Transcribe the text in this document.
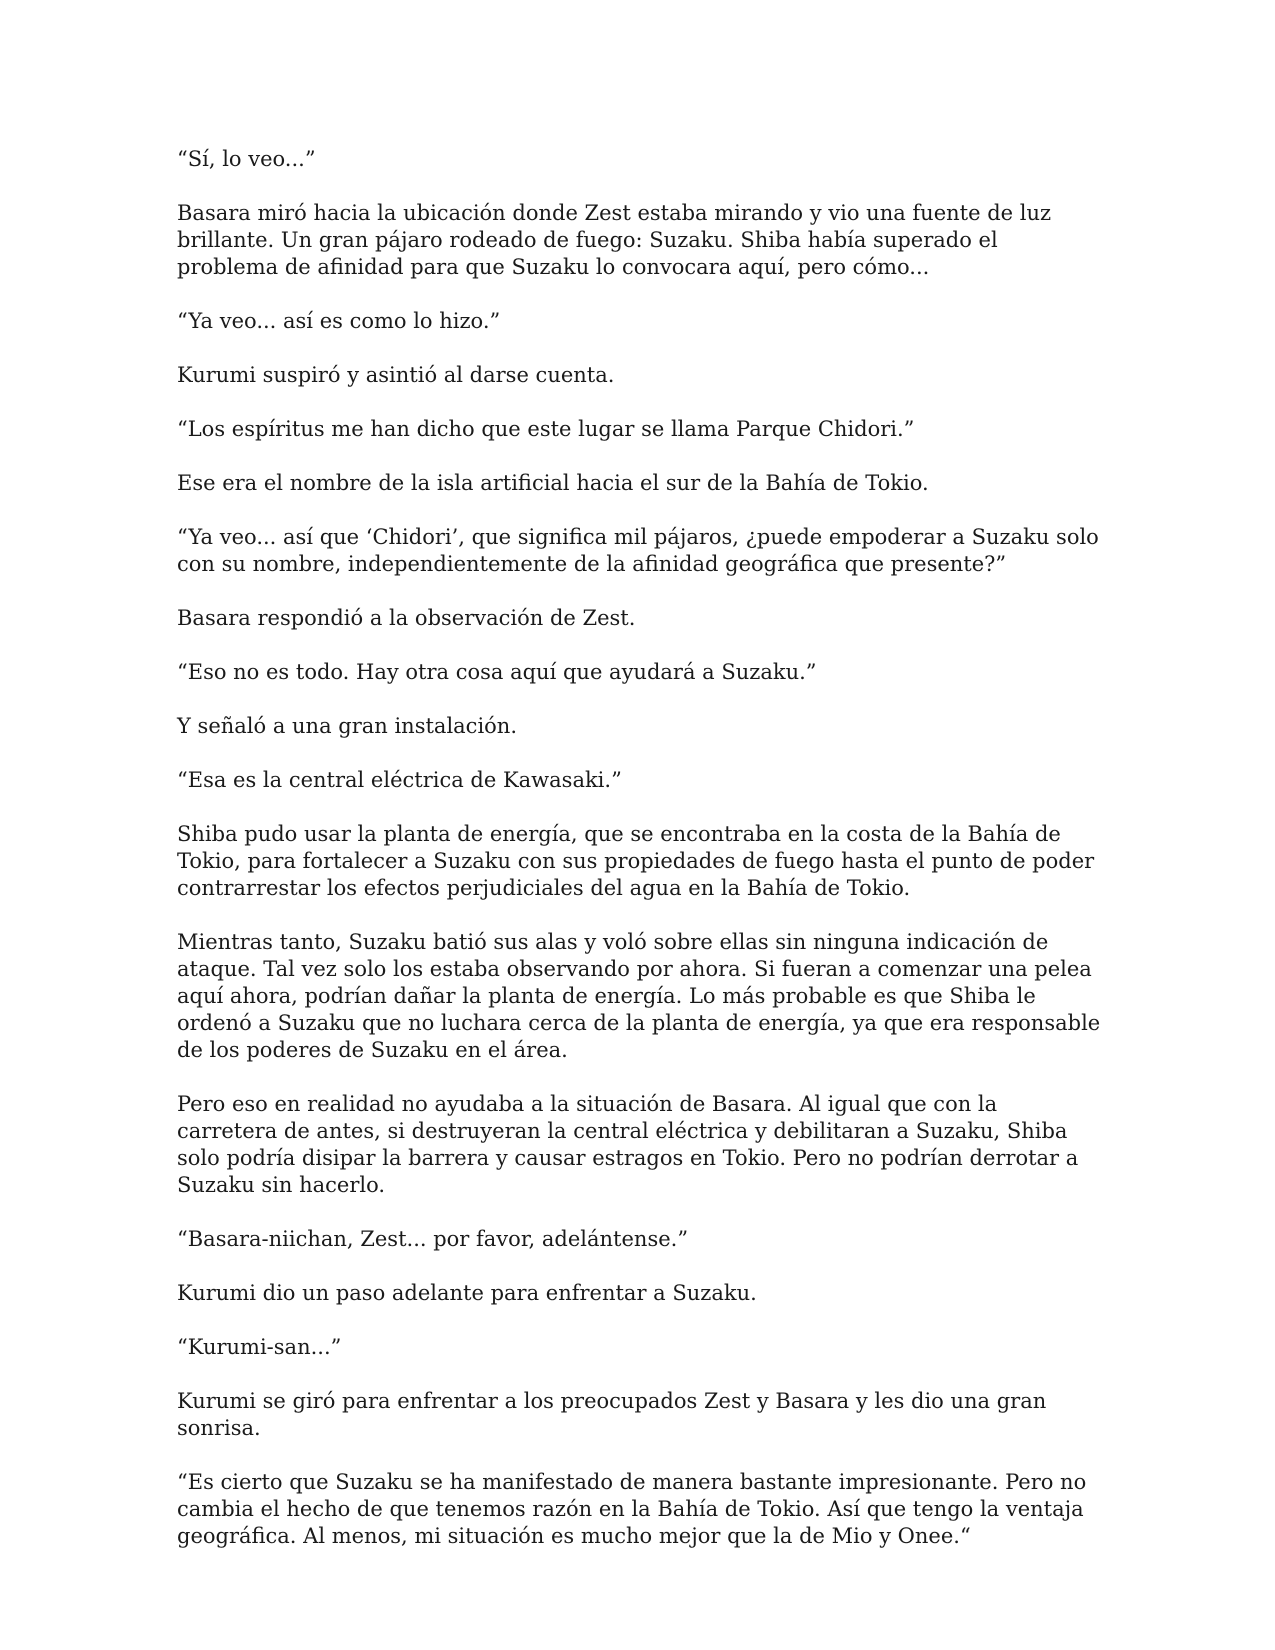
“Sí, lo veo...”

Basara miró hacia la ubicación donde Zest estaba mirando y vio una fuente de luz brillante. Un gran pájaro rodeado de fuego: Suzaku. Shiba había superado el problema de afinidad para que Suzaku lo convocara aquí, pero cómo...

“Ya veo... así es como lo hizo.”

Kurumi suspiró y asintió al darse cuenta.

“Los espíritus me han dicho que este lugar se llama Parque Chidori.”

Ese era el nombre de la isla artificial hacia el sur de la Bahía de Tokio.

“Ya veo... así que ‘Chidori’, que significa mil pájaros, ¿puede empoderar a Suzaku solo con su nombre, independientemente de la afinidad geográfica que presente?”

Basara respondió a la observación de Zest.

“Eso no es todo. Hay otra cosa aquí que ayudará a Suzaku.”

Y señaló a una gran instalación.

“Esa es la central eléctrica de Kawasaki.”

Shiba pudo usar la planta de energía, que se encontraba en la costa de la Bahía de Tokio, para fortalecer a Suzaku con sus propiedades de fuego hasta el punto de poder contrarrestar los efectos perjudiciales del agua en la Bahía de Tokio.

Mientras tanto, Suzaku batió sus alas y voló sobre ellas sin ninguna indicación de ataque. Tal vez solo los estaba observando por ahora. Si fueran a comenzar una pelea aquí ahora, podrían dañar la planta de energía. Lo más probable es que Shiba le ordenó a Suzaku que no luchara cerca de la planta de energía, ya que era responsable de los poderes de Suzaku en el área.

Pero eso en realidad no ayudaba a la situación de Basara. Al igual que con la carretera de antes, si destruyeran la central eléctrica y debilitaran a Suzaku, Shiba solo podría disipar la barrera y causar estragos en Tokio. Pero no podrían derrotar a Suzaku sin hacerlo.

“Basara-niichan, Zest... por favor, adelántense.”

Kurumi dio un paso adelante para enfrentar a Suzaku.

“Kurumi-san...”

Kurumi se giró para enfrentar a los preocupados Zest y Basara y les dio una gran sonrisa.

“Es cierto que Suzaku se ha manifestado de manera bastante impresionante. Pero no cambia el hecho de que tenemos razón en la Bahía de Tokio. Así que tengo la ventaja geográfica. Al menos, mi situación es mucho mejor que la de Mio y Onee.“
